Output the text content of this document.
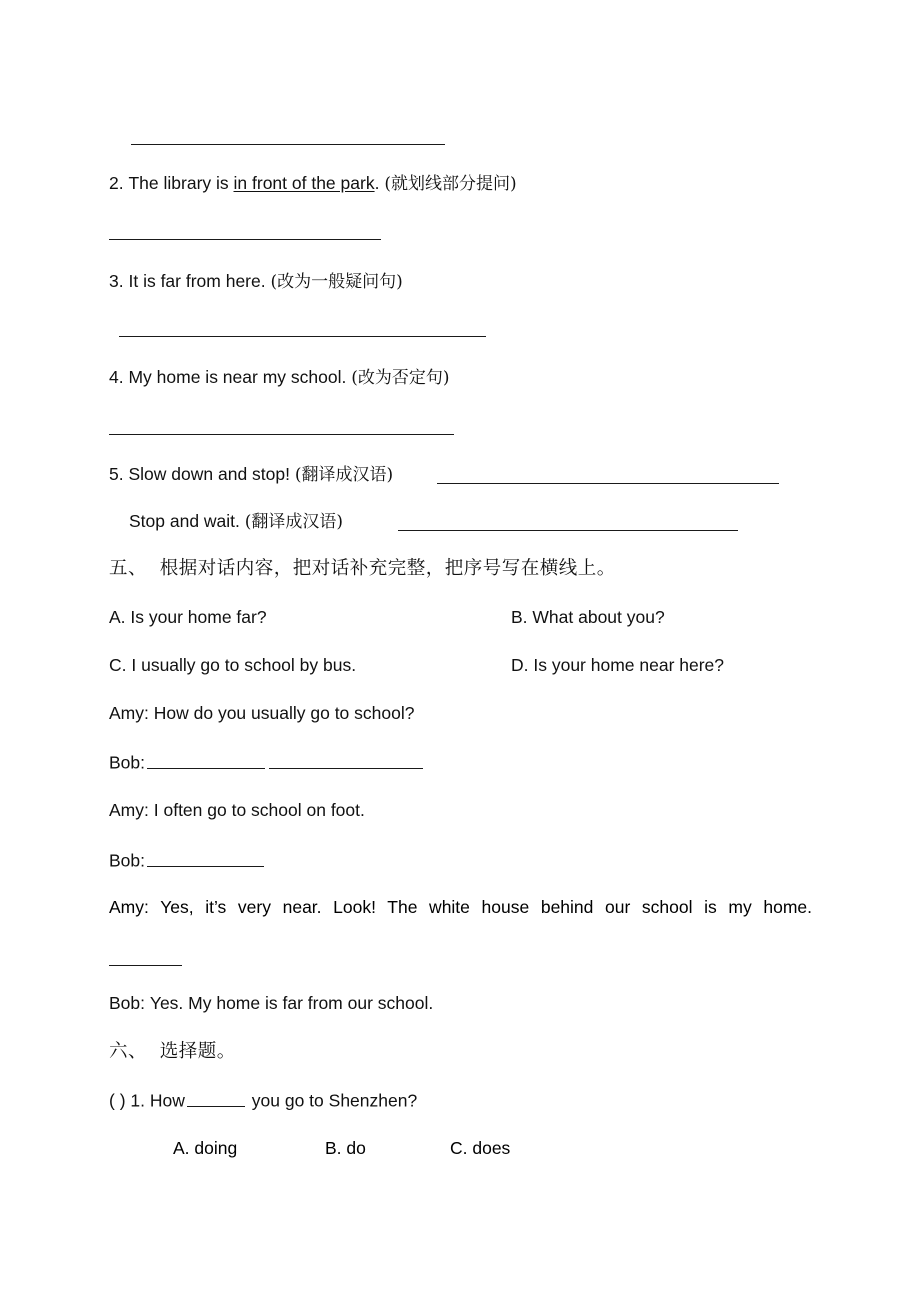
2. The library is in front of the park. (就划线部分提问)
3. It is far from here. (改为一般疑问句)
4. My home is near my school. (改为否定句)
5. Slow down and stop! (翻译成汉语)
Stop and wait. (翻译成汉语)
五、 根据对话内容，把对话补充完整，把序号写在横线上。
A. Is your home far?	B. What about you?
C. I usually go to school by bus.	D. Is your home near here?
Amy: How do you usually go to school?
Bob:
Amy: I often go to school on foot.
Bob:
Amy: Yes, it’s very near. Look! The white house behind our school is my home.
Bob: Yes. My home is far from our school.
六、 选择题。
( ) 1. How	you go to Shenzhen?
A. doing	B. do	C. does
